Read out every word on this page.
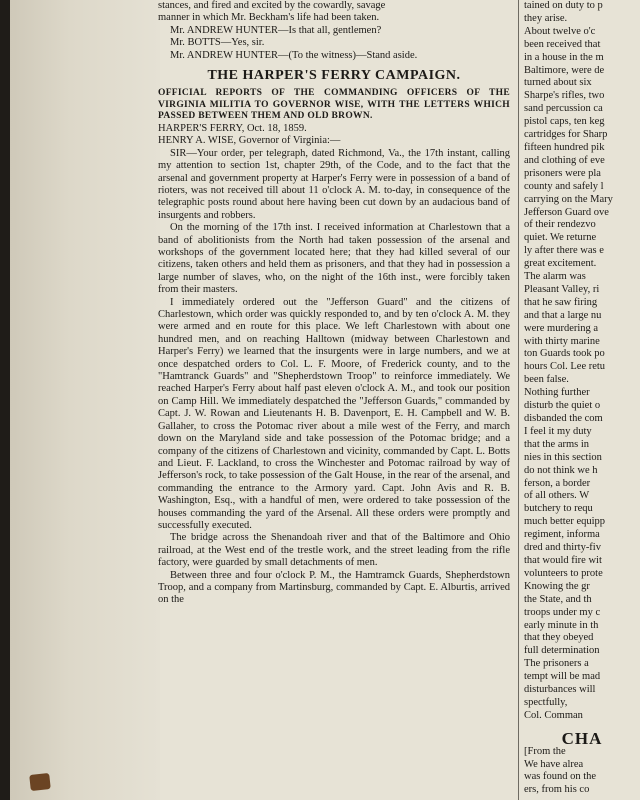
stances, and fired and excited by the cowardly, savage
manner in which Mr. Beckham's life had been taken.
Mr. ANDREW HUNTER—Is that all, gentlemen?
Mr. BOTTS—Yes, sir.
Mr. ANDREW HUNTER—(To the witness)—Stand aside.
THE HARPER'S FERRY CAMPAIGN.

OFFICIAL REPORTS OF THE COMMANDING OFFICERS OF THE VIRGINIA MILITIA TO GOVERNOR WISE, WITH THE LETTERS WHICH PASSED BETWEEN THEM AND OLD BROWN.

HARPER'S FERRY, Oct. 18, 1859.

HENRY A. WISE, Governor of Virginia:—

SIR—Your order, per telegraph, dated Richmond, Va., the 17th instant, calling my attention to section 1st, chapter 29th, of the Code, and to the fact that the arsenal and government property at Harper's Ferry were in possession of a band of rioters, was not received till about 11 o'clock A. M. to-day, in consequence of the telegraphic posts round about here having been cut down by an audacious band of insurgents and robbers.

On the morning of the 17th inst. I received information at Charlestown that a band of abolitionists from the North had taken possession of the arsenal and workshops of the government located here; that they had killed several of our citizens, taken others and held them as prisoners, and that they had in possession a large number of slaves, who, on the night of the 16th inst., were forcibly taken from their masters.

I immediately ordered out the "Jefferson Guard" and the citizens of Charlestown, which order was quickly responded to, and by ten o'clock A. M. they were armed and en route for this place. We left Charlestown with about one hundred men, and on reaching Halltown (midway between Charlestown and Harper's Ferry) we learned that the insurgents were in large numbers, and we at once despatched orders to Col. L. F. Moore, of Frederick county, and to the "Hamtranck Guards" and "Shepherdstown Troop" to reinforce immediately. We reached Harper's Ferry about half past eleven o'clock A. M., and took our position on Camp Hill. We immediately despatched the "Jefferson Guards," commanded by Capt. J. W. Rowan and Lieutenants H. B. Davenport, E. H. Campbell and W. B. Gallaher, to cross the Potomac river about a mile west of the Ferry, and march down on the Maryland side and take possession of the Potomac bridge; and a company of the citizens of Charlestown and vicinity, commanded by Capt. L. Botts and Lieut. F. Lackland, to cross the Winchester and Potomac railroad by way of Jefferson's rock, to take possession of the Galt House, in the rear of the arsenal, and commanding the entrance to the Armory yard. Capt. John Avis and R. B. Washington, Esq., with a handful of men, were ordered to take possession of the houses commanding the yard of the Arsenal. All these orders were promptly and successfully executed.

The bridge across the Shenandoah river and that of the Baltimore and Ohio railroad, at the West end of the trestle work, and the street leading from the rifle factory, were guarded by small detachments of men.

Between three and four o'clock P. M., the Hamtramck Guards, Shepherdstown Troop, and a company from Martinsburg, commanded by Capt. E. Alburtis, arrived on the

tained on duty to p
they arise.
About twelve o'c
been received that
in a house in the m
Baltimore, were de
turned about six
Sharpe's rifles, two
sand percussion ca
pistol caps, ten keg
cartridges for Sharp
fifteen hundred pik
and clothing of eve
prisoners were pla
county and safely l
carrying on the Mary
Jefferson Guard ove
of their rendezvo
quiet. We returne
ly after there was e
great excitement.
The alarm was
Pleasant Valley, ri
that he saw firing
and that a large nu
were murdering a
with thirty marine
ton Guards took po
hours Col. Lee retu
been false.
Nothing further
disturb the quiet o
disbanded the com
I feel it my duty
that the arms in
nies in this section
do not think we h
ferson, a border
of all others. W
butchery to requ
much better equipp
regiment, informa
dred and thirty-fiv
that would fire wit
volunteers to prote
Knowing the gr
the State, and th
troops under my c
early minute in th
that they obeyed
full determination
The prisoners a
tempt will be mad
disturbances will
spectfully,

Col. Comman

CHA
[From the
We have alrea
was found on the
ers, from his co
